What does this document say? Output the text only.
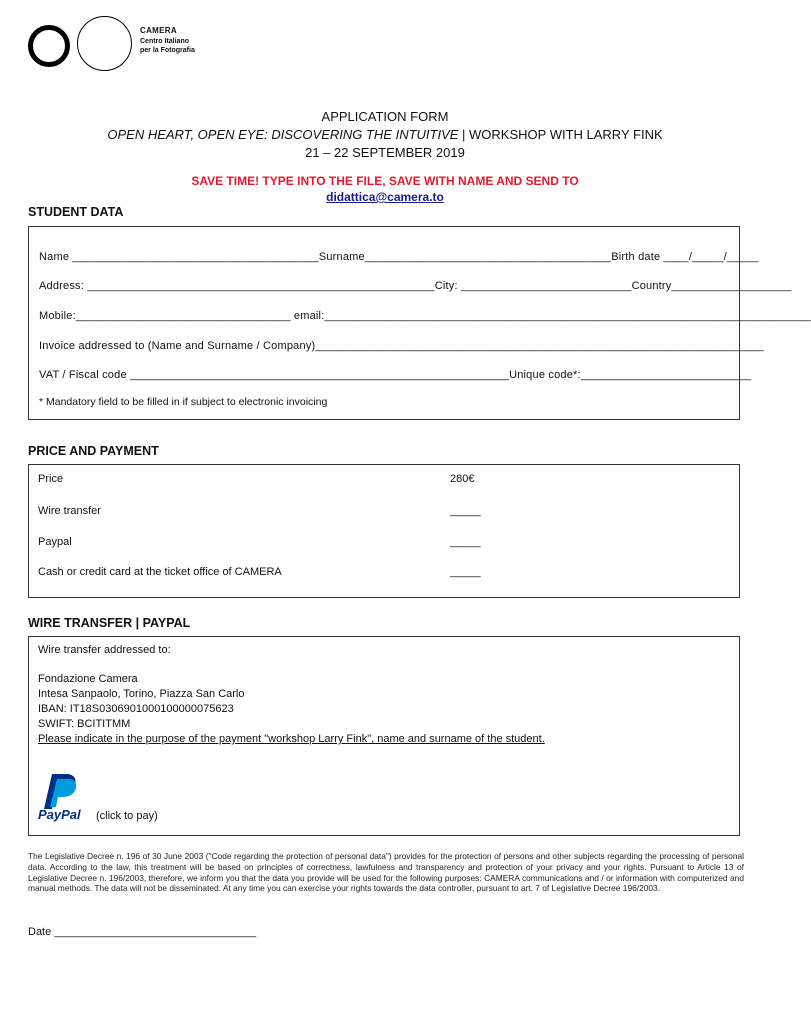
CAMERA
Centro Italiano
per la Fotografia
APPLICATION FORM
OPEN HEART, OPEN EYE: DISCOVERING THE INTUITIVE | WORKSHOP WITH LARRY FINK
21 – 22 SEPTEMBER 2019
SAVE TIME! TYPE INTO THE FILE, SAVE WITH NAME AND SEND TO
didattica@camera.to
STUDENT DATA
Name _______________________________________Surname_______________________________________Birth date ____/_____/_____
Address: _______________________________________________________City: ___________________________Country___________________
Mobile:__________________________________ email:_____________________________________________________________________________
Invoice addressed to (Name and Surname / Company)_______________________________________________________________________
VAT / Fiscal code ____________________________________________________________Unique code*:___________________________
* Mandatory field to be filled in if subject to electronic invoicing
PRICE AND PAYMENT
Price	280€
Wire transfer	_____
Paypal	_____
Cash or credit card at the ticket office of CAMERA	_____
WIRE TRANSFER | PAYPAL
Wire transfer addressed to:
Fondazione Camera
Intesa Sanpaolo, Torino, Piazza San Carlo
IBAN: IT18S0306901000100000075623
SWIFT: BCITITMM
Please indicate in the purpose of the payment "workshop Larry Fink", name and surname of the student.
PayPal (click to pay)
The Legislative Decree n. 196 of 30 June 2003 ("Code regarding the protection of personal data") provides for the protection of persons and other subjects regarding the processing of personal data. According to the law, this treatment will be based on principles of correctness, lawfulness and transparency and protection of your privacy and your rights. Pursuant to Article 13 of Legislative Decree n. 196/2003, therefore, we inform you that the data you provide will be used for the following purposes: CAMERA communications and / or information with computerized and manual methods. The data will not be disseminated. At any time you can exercise your rights towards the data controller, pursuant to art. 7 of Legislative Decree 196/2003.
Date _________________________________
